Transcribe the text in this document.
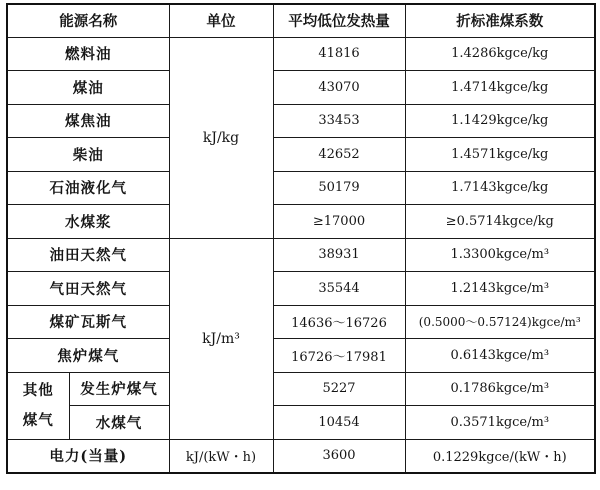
能源名称		单位	平均低位发热量	折标准煤系数
燃料油		kJ/kg	41816	1.4286kgce/kg
煤油			43070	1.4714kgce/kg
煤焦油			33453	1.1429kgce/kg
柴油			42652	1.4571kgce/kg
石油液化气			50179	1.7143kgce/kg
水煤浆			≥17000	≥0.5714kgce/kg
油田天然气		kJ/m³	38931	1.3300kgce/m³
气田天然气			35544	1.2143kgce/m³
煤矿瓦斯气			14636～16726	(0.5000～0.57124)kgce/m³
焦炉煤气			16726～17981	0.6143kgce/m³
其他煤气	发生炉煤气		5227	0.1786kgce/m³
	水煤气		10454	0.3571kgce/m³
电力(当量)		kJ/(kW・h)	3600	0.1229kgce/(kW・h)
